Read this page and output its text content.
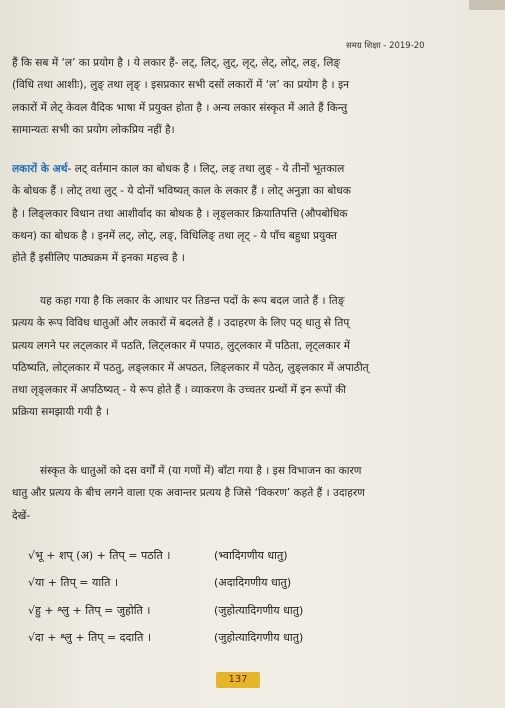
समग्र शिक्षा - 2019-20
हैं कि सब में ‘ल’ का प्रयोग है । ये लकार हैं- लट्, लिट्, लुट्, लृट्, लेट्, लोट्, लङ्, लिङ्
(विधि तथा आशीः), लुङ् तथा लृङ् । इसप्रकार सभी दसों लकारों में ‘ल’ का प्रयोग है । इन
लकारों में लेट् केवल वैदिक भाषा में प्रयुक्त होता है । अन्य लकार संस्कृत में आते हैं किन्तु
सामान्यतः सभी का प्रयोग लोकप्रिय नहीं है।
लकारों के अर्थ- लट् वर्तमान काल का बोधक है । लिट्, लङ् तथा लुङ् - ये तीनों भूतकाल
के बोधक हैं । लोट् तथा लुट् - ये दोनों भविष्यत् काल के लकार हैं । लोट् अनुज्ञा का बोधक
है । लिङ्लकार विधान तथा आशीर्वाद का बोधक है । लृङ्लकार क्रियातिपत्ति (औपबोधिक
कथन) का बोधक है । इनमें लट्, लोट्, लङ्, विधिलिङ् तथा लृट् - ये पाँच बहुधा प्रयुक्त
होते हैं इसीलिए पाठ्यक्रम में इनका महत्त्व है ।
यह कहा गया है कि लकार के आधार पर तिङन्त पदों के रूप बदल जाते हैं । तिङ्
प्रत्यय के रूप विविध धातुओं और लकारों में बदलते हैं । उदाहरण के लिए पठ् धातु से तिप्
प्रत्यय लगने पर लट्लकार में पठति, लिट्लकार में पपाठ, लुट्लकार में पठिता, लृट्लकार में
पठिष्यति, लोट्लकार में पठतु, लङ्लकार में अपठत, लिङ्लकार में पठेत्, लुङ्लकार में अपाठीत्
तथा लृङ्लकार में अपठिष्यत् - ये रूप होते हैं । व्याकरण के उच्चतर ग्रन्थों में इन रूपों की
प्रक्रिया समझायी गयी है ।
संस्कृत के धातुओं को दस वर्गों में (या गणों में) बाँटा गया है । इस विभाजन का कारण
धातु और प्रत्यय के बीच लगने वाला एक अवान्तर प्रत्यय है जिसे ‘विकरण’ कहते हैं । उदाहरण
देखें-
√भू + शप् (अ) + तिप् = पठति ।	(भ्वादिगणीय धातु)
√या + तिप् = याति ।	(अदादिगणीय धातु)
√हु + श्लु + तिप् = जुहोति ।	(जुहोत्यादिगणीय धातु)
√दा + श्लु + तिप् = ददाति ।	(जुहोत्यादिगणीय धातु)
137
